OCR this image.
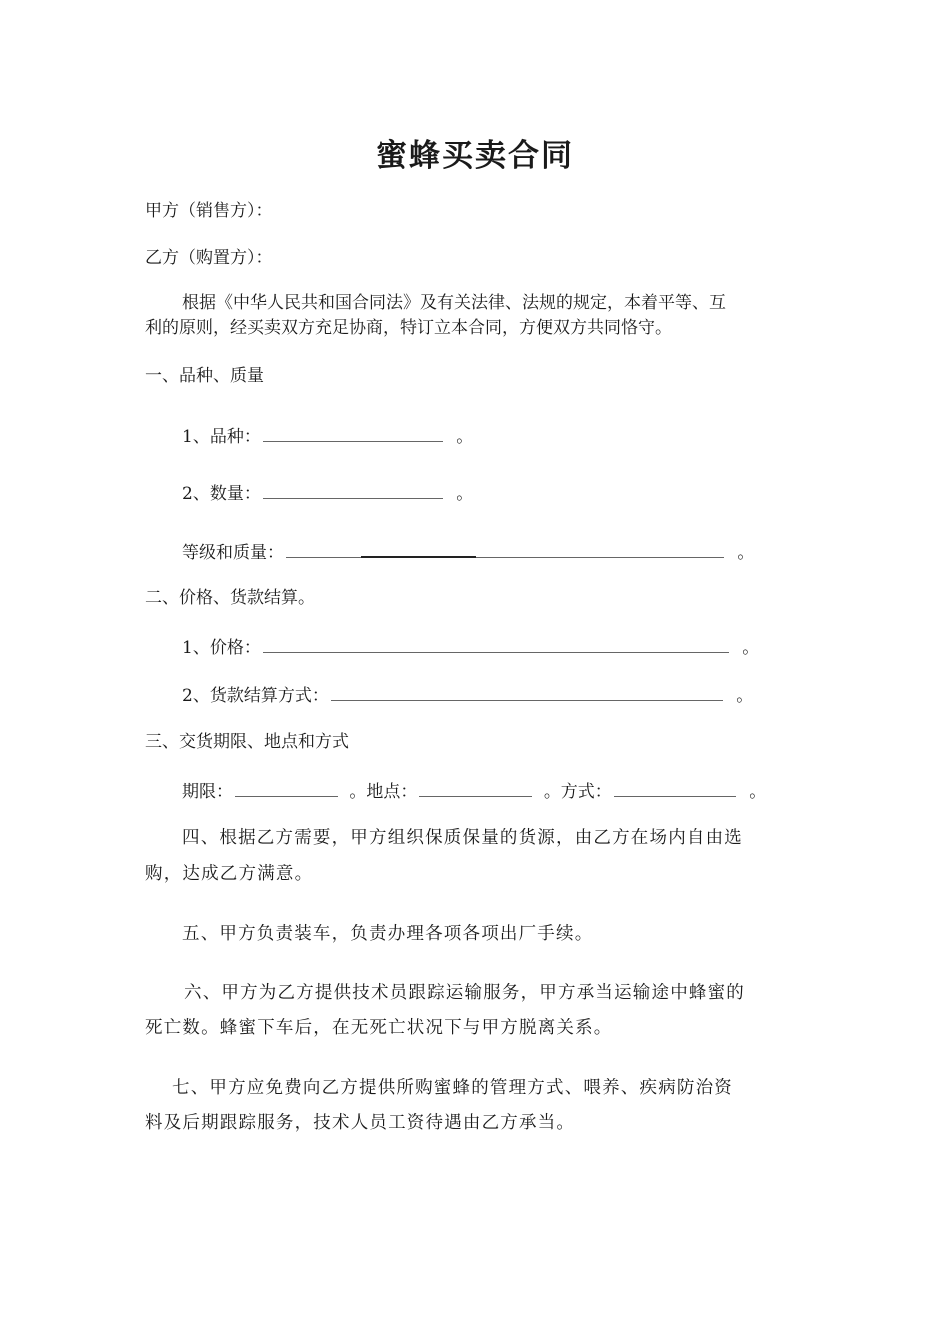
蜜蜂买卖合同
甲方（销售方）：
乙方（购置方）：
根据《中华人民共和国合同法》及有关法律、法规的规定，本着平等、互
利的原则，经买卖双方充足协商，特订立本合同，方便双方共同恪守。
一、品种、质量
1、品种：	。
2、数量：	。
等级和质量：	。
二、价格、货款结算。
1、价格：	。
2、货款结算方式：	。
三、交货期限、地点和方式
期限：	。地点：	。方式：	。
四、根据乙方需要，甲方组织保质保量的货源，由乙方在场内自由选
购，达成乙方满意。
五、甲方负责装车，负责办理各项各项出厂手续。
六、甲方为乙方提供技术员跟踪运输服务，甲方承当运输途中蜂蜜的
死亡数。蜂蜜下车后，在无死亡状况下与甲方脱离关系。
七、甲方应免费向乙方提供所购蜜蜂的管理方式、喂养、疾病防治资
料及后期跟踪服务，技术人员工资待遇由乙方承当。
